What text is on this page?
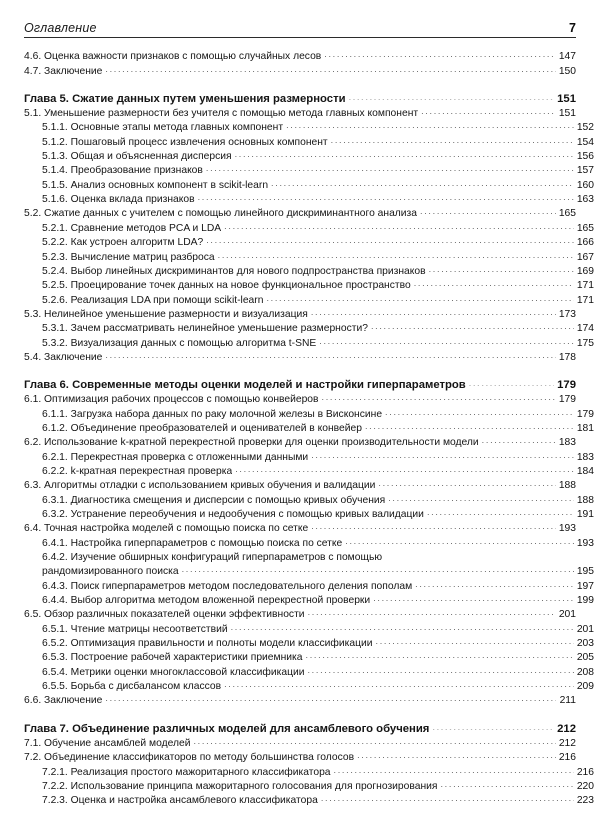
Оглавление	7
4.6. Оценка важности признаков с помощью случайных лесов . . .	147
4.7. Заключение . . .	150
Глава 5. Сжатие данных путем уменьшения размерности . . .	151
5.1. Уменьшение размерности без учителя с помощью метода главных компонент . . .	151
5.1.1. Основные этапы метода главных компонент . . .	152
5.1.2. Пошаговый процесс извлечения основных компонент . . .	154
5.1.3. Общая и объясненная дисперсия . . .	156
5.1.4. Преобразование признаков . . .	157
5.1.5. Анализ основных компонент в scikit-learn . . .	160
5.1.6. Оценка вклада признаков . . .	163
5.2. Сжатие данных с учителем с помощью линейного дискриминантного анализа . . .	165
5.2.1. Сравнение методов PCA и LDA . . .	165
5.2.2. Как устроен алгоритм LDA? . . .	166
5.2.3. Вычисление матриц разброса . . .	167
5.2.4. Выбор линейных дискриминантов для нового подпространства признаков . . .	169
5.2.5. Проецирование точек данных на новое функциональное пространство . . .	171
5.2.6. Реализация LDA при помощи scikit-learn . . .	171
5.3. Нелинейное уменьшение размерности и визуализация . . .	173
5.3.1. Зачем рассматривать нелинейное уменьшение размерности? . . .	174
5.3.2. Визуализация данных с помощью алгоритма t-SNE . . .	175
5.4. Заключение . . .	178
Глава 6. Современные методы оценки моделей и настройки гиперпараметров . . .	179
6.1. Оптимизация рабочих процессов с помощью конвейеров . . .	179
6.1.1. Загрузка набора данных по раку молочной железы в Висконсине . . .	179
6.1.2. Объединение преобразователей и оценивателей в конвейер . . .	181
6.2. Использование k-кратной перекрестной проверки для оценки производительности модели . . .	183
6.2.1. Перекрестная проверка с отложенными данными . . .	183
6.2.2. k-кратная перекрестная проверка . . .	184
6.3. Алгоритмы отладки с использованием кривых обучения и валидации . . .	188
6.3.1. Диагностика смещения и дисперсии с помощью кривых обучения . . .	188
6.3.2. Устранение переобучения и недообучения с помощью кривых валидации . . .	191
6.4. Точная настройка моделей с помощью поиска по сетке . . .	193
6.4.1. Настройка гиперпараметров с помощью поиска по сетке . . .	193
6.4.2. Изучение обширных конфигураций гиперпараметров с помощью
рандомизированного поиска . . .	195
6.4.3. Поиск гиперпараметров методом последовательного деления пополам . . .	197
6.4.4. Выбор алгоритма методом вложенной перекрестной проверки . . .	199
6.5. Обзор различных показателей оценки эффективности . . .	201
6.5.1. Чтение матрицы несоответствий . . .	201
6.5.2. Оптимизация правильности и полноты модели классификации . . .	203
6.5.3. Построение рабочей характеристики приемника . . .	205
6.5.4. Метрики оценки многоклассовой классификации . . .	208
6.5.5. Борьба с дисбалансом классов . . .	209
6.6. Заключение . . .	211
Глава 7. Объединение различных моделей для ансамблевого обучения . . .	212
7.1. Обучение ансамблей моделей . . .	212
7.2. Объединение классификаторов по методу большинства голосов . . .	216
7.2.1. Реализация простого мажоритарного классификатора . . .	216
7.2.2. Использование принципа мажоритарного голосования для прогнозирования . . .	220
7.2.3. Оценка и настройка ансамблевого классификатора . . .	223
